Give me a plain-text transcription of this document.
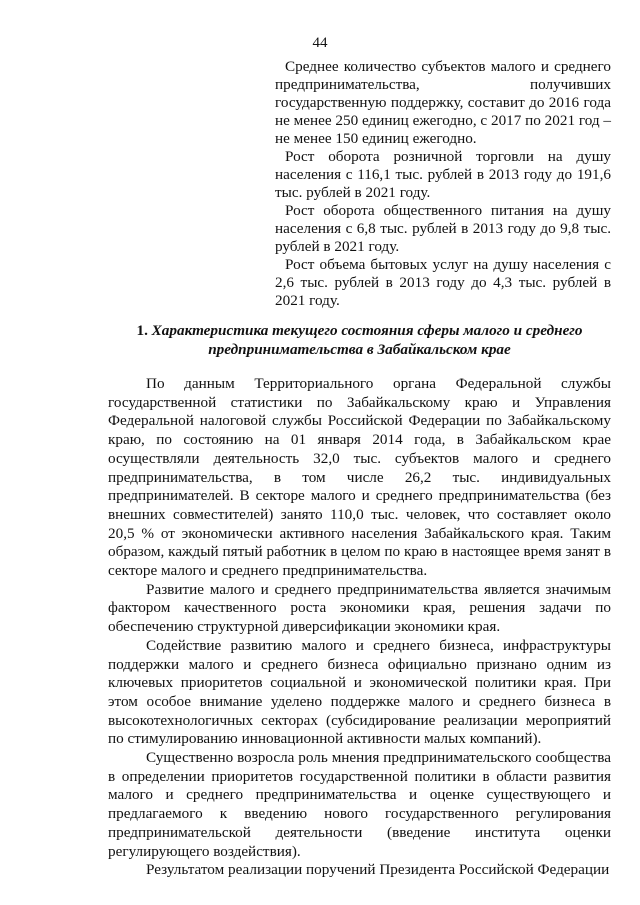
44

Среднее количество субъектов малого и среднего предпринимательства, получивших государственную поддержку, составит до 2016 года не менее 250 единиц ежегодно, с 2017 по 2021 год – не менее 150 единиц ежегодно.

Рост оборота розничной торговли на душу населения с 116,1 тыс. рублей в 2013 году до 191,6 тыс. рублей в 2021 году.

Рост оборота общественного питания на душу населения с 6,8 тыс. рублей в 2013 году до 9,8 тыс. рублей в 2021 году.

Рост объема бытовых услуг на душу населения с 2,6 тыс. рублей в 2013 году до 4,3 тыс. рублей в 2021 году.

1. Характеристика текущего состояния сферы малого и среднего предпринимательства в Забайкальском крае

По данным Территориального органа Федеральной службы государственной статистики по Забайкальскому краю и Управления Федеральной налоговой службы Российской Федерации по Забайкальскому краю, по состоянию на 01 января 2014 года, в Забайкальском крае осуществляли деятельность 32,0 тыс. субъектов малого и среднего предпринимательства, в том числе 26,2 тыс. индивидуальных предпринимателей. В секторе малого и среднего предпринимательства (без внешних совместителей) занято 110,0 тыс. человек, что составляет около 20,5 % от экономически активного населения Забайкальского края. Таким образом, каждый пятый работник в целом по краю в настоящее время занят в секторе малого и среднего предпринимательства.

Развитие малого и среднего предпринимательства является значимым фактором качественного роста экономики края, решения задачи по обеспечению структурной диверсификации экономики края.

Содействие развитию малого и среднего бизнеса, инфраструктуры поддержки малого и среднего бизнеса официально признано одним из ключевых приоритетов социальной и экономической политики края. При этом особое внимание уделено поддержке малого и среднего бизнеса в высокотехнологичных секторах (субсидирование реализации мероприятий по стимулированию инновационной активности малых компаний).

Существенно возросла роль мнения предпринимательского сообщества в определении приоритетов государственной политики в области развития малого и среднего предпринимательства и оценке существующего и предлагаемого к введению нового государственного регулирования предпринимательской деятельности (введение института оценки регулирующего воздействия).

Результатом реализации поручений Президента Российской Федерации
